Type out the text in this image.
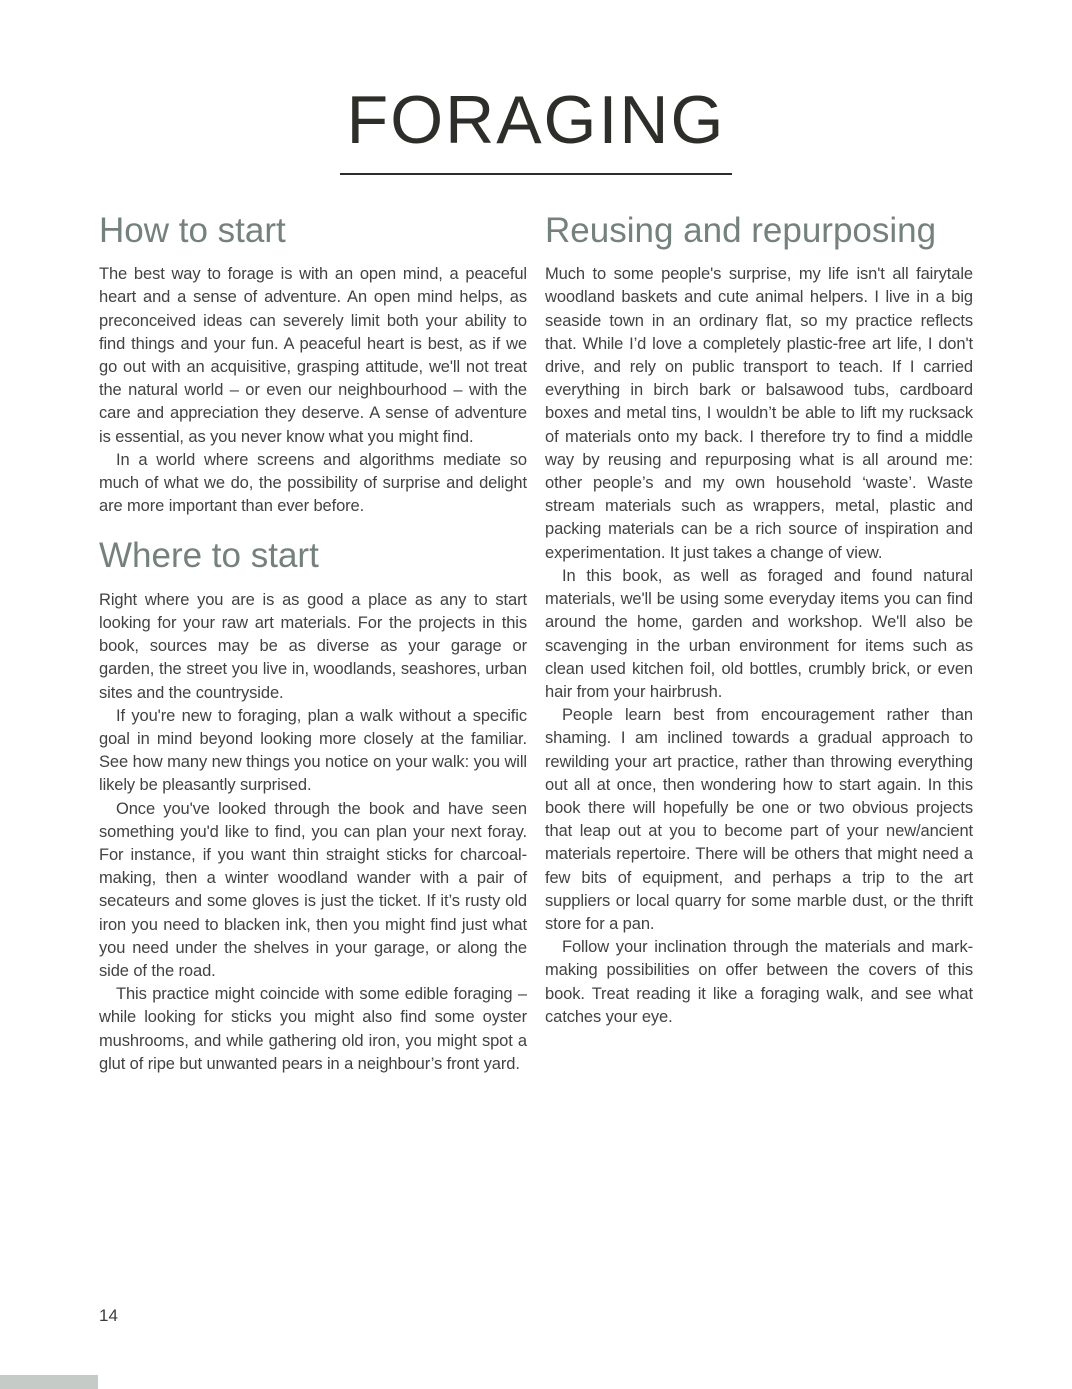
FORAGING
How to start

The best way to forage is with an open mind, a peaceful heart and a sense of adventure. An open mind helps, as preconceived ideas can severely limit both your ability to find things and your fun. A peaceful heart is best, as if we go out with an acquisitive, grasping attitude, we'll not treat the natural world – or even our neighbourhood – with the care and appreciation they deserve. A sense of adventure is essential, as you never know what you might find.

In a world where screens and algorithms mediate so much of what we do, the possibility of surprise and delight are more important than ever before.

Where to start

Right where you are is as good a place as any to start looking for your raw art materials. For the projects in this book, sources may be as diverse as your garage or garden, the street you live in, woodlands, seashores, urban sites and the countryside.

If you're new to foraging, plan a walk without a specific goal in mind beyond looking more closely at the familiar. See how many new things you notice on your walk: you will likely be pleasantly surprised.

Once you've looked through the book and have seen something you'd like to find, you can plan your next foray. For instance, if you want thin straight sticks for charcoal-making, then a winter woodland wander with a pair of secateurs and some gloves is just the ticket. If it’s rusty old iron you need to blacken ink, then you might find just what you need under the shelves in your garage, or along the side of the road.

This practice might coincide with some edible foraging – while looking for sticks you might also find some oyster mushrooms, and while gathering old iron, you might spot a glut of ripe but unwanted pears in a neighbour’s front yard.

Reusing and repurposing

Much to some people's surprise, my life isn't all fairytale woodland baskets and cute animal helpers. I live in a big seaside town in an ordinary flat, so my practice reflects that. While I’d love a completely plastic-free art life, I don't drive, and rely on public transport to teach. If I carried everything in birch bark or balsawood tubs, cardboard boxes and metal tins, I wouldn’t be able to lift my rucksack of materials onto my back. I therefore try to find a middle way by reusing and repurposing what is all around me: other people’s and my own household ‘waste’. Waste stream materials such as wrappers, metal, plastic and packing materials can be a rich source of inspiration and experimentation. It just takes a change of view.

In this book, as well as foraged and found natural materials, we'll be using some everyday items you can find around the home, garden and workshop. We'll also be scavenging in the urban environment for items such as clean used kitchen foil, old bottles, crumbly brick, or even hair from your hairbrush.

People learn best from encouragement rather than shaming. I am inclined towards a gradual approach to rewilding your art practice, rather than throwing everything out all at once, then wondering how to start again. In this book there will hopefully be one or two obvious projects that leap out at you to become part of your new/ancient materials repertoire. There will be others that might need a few bits of equipment, and perhaps a trip to the art suppliers or local quarry for some marble dust, or the thrift store for a pan.

Follow your inclination through the materials and mark-making possibilities on offer between the covers of this book. Treat reading it like a foraging walk, and see what catches your eye.

14
